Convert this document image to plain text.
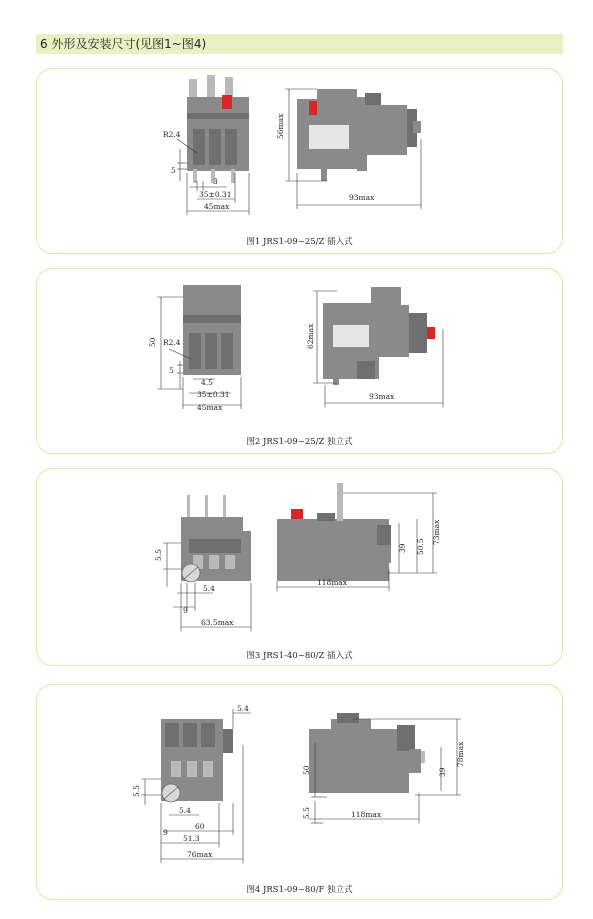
6 外形及安装尺寸(见图1~图4)
R2.4
5
3
35±0.31
45max
56max
93max
图1 JRS1-09~25/Z 插入式
50 R2.4
5
4.5
35±0.31
45max
62max
93max
图2 JRS1-09~25/Z 独立式
5.5
5.4
9
63.5max
118max
39 50.5
73max
图3 JRS1-40~80/Z 插入式
5.4
5.5
5.4
9
60
51.3
76max
50
5.5	118max
39
78max
图4 JRS1-09~80/F 独立式
